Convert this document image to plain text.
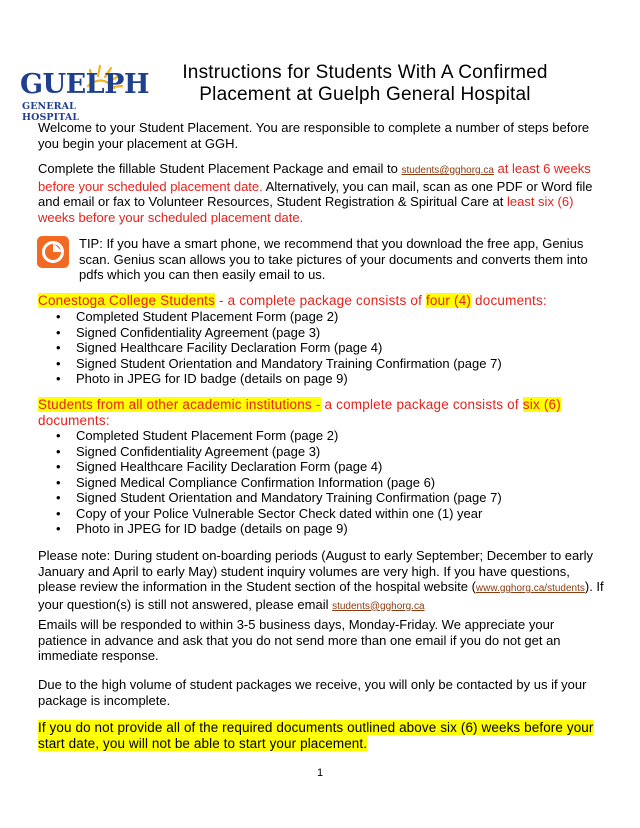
GUELPH
GENERAL HOSPITAL
Instructions for Students With A Confirmed
Placement at Guelph General Hospital
Welcome to your Student Placement. You are responsible to complete a number of steps before you begin your placement at GGH.
Complete the fillable Student Placement Package and email to students@gghorg.ca at least 6 weeks before your scheduled placement date. Alternatively, you can mail, scan as one PDF or Word file and email or fax to Volunteer Resources, Student Registration & Spiritual Care at least six (6) weeks before your scheduled placement date.
TIP: If you have a smart phone, we recommend that you download the free app, Genius scan. Genius scan allows you to take pictures of your documents and converts them into pdfs which you can then easily email to us.
Conestoga College Students - a complete package consists of four (4) documents:
• Completed Student Placement Form (page 2)
• Signed Confidentiality Agreement (page 3)
• Signed Healthcare Facility Declaration Form (page 4)
• Signed Student Orientation and Mandatory Training Confirmation (page 7)
• Photo in JPEG for ID badge (details on page 9)
Students from all other academic institutions - a complete package consists of six (6) documents:
• Completed Student Placement Form (page 2)
• Signed Confidentiality Agreement (page 3)
• Signed Healthcare Facility Declaration Form (page 4)
• Signed Medical Compliance Confirmation Information (page 6)
• Signed Student Orientation and Mandatory Training Confirmation (page 7)
• Copy of your Police Vulnerable Sector Check dated within one (1) year
• Photo in JPEG for ID badge (details on page 9)
Please note: During student on-boarding periods (August to early September; December to early January and April to early May) student inquiry volumes are very high. If you have questions, please review the information in the Student section of the hospital website (www.gghorg.ca/students). If your question(s) is still not answered, please email students@gghorg.ca
Emails will be responded to within 3-5 business days, Monday-Friday. We appreciate your patience in advance and ask that you do not send more than one email if you do not get an immediate response.
Due to the high volume of student packages we receive, you will only be contacted by us if your package is incomplete.
If you do not provide all of the required documents outlined above six (6) weeks before your start date, you will not be able to start your placement.
1
